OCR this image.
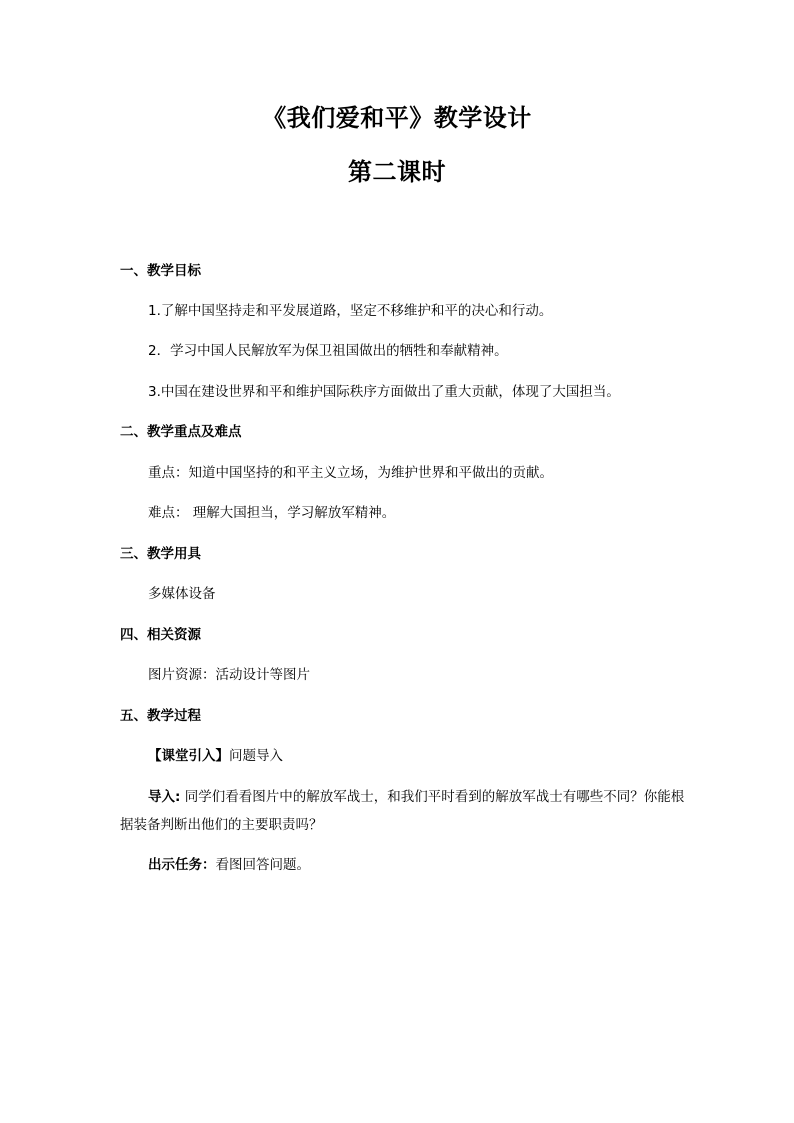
《我们爱和平》教学设计
第二课时
一、教学目标
1.了解中国坚持走和平发展道路，坚定不移维护和平的决心和行动。
2．学习中国人民解放军为保卫祖国做出的牺牲和奉献精神。
3.中国在建设世界和平和维护国际秩序方面做出了重大贡献，体现了大国担当。
二、教学重点及难点
重点：知道中国坚持的和平主义立场，为维护世界和平做出的贡献。
难点： 理解大国担当，学习解放军精神。
三、教学用具
多媒体设备
四、相关资源
图片资源：活动设计等图片
五、教学过程
【课堂引入】问题导入
导入: 同学们看看图片中的解放军战士，和我们平时看到的解放军战士有哪些不同？你能根据装备判断出他们的主要职责吗？
出示任务：看图回答问题。
